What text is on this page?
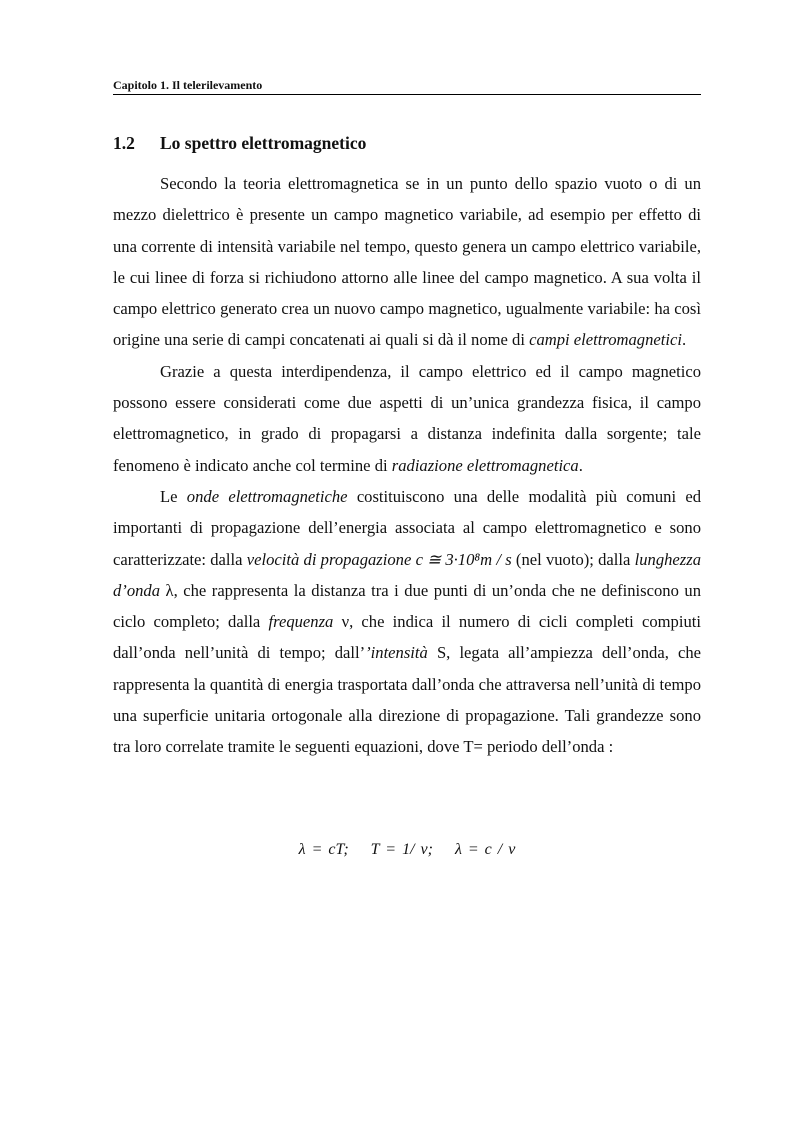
Capitolo 1. Il telerilevamento
1.2 Lo spettro elettromagnetico

Secondo la teoria elettromagnetica se in un punto dello spazio vuoto o di un mezzo dielettrico è presente un campo magnetico variabile, ad esempio per effetto di una corrente di intensità variabile nel tempo, questo genera un campo elettrico variabile, le cui linee di forza si richiudono attorno alle linee del campo magnetico. A sua volta il campo elettrico generato crea un nuovo campo magnetico, ugualmente variabile: ha così origine una serie di campi concatenati ai quali si dà il nome di campi elettromagnetici.

Grazie a questa interdipendenza, il campo elettrico ed il campo magnetico possono essere considerati come due aspetti di un’unica grandezza fisica, il campo elettromagnetico, in grado di propagarsi a distanza indefinita dalla sorgente; tale fenomeno è indicato anche col termine di radiazione elettromagnetica.

Le onde elettromagnetiche costituiscono una delle modalità più comuni ed importanti di propagazione dell’energia associata al campo elettromagnetico e sono caratterizzate: dalla velocità di propagazione c ≅ 3·10⁸m / s (nel vuoto); dalla lunghezza d’onda λ, che rappresenta la distanza tra i due punti di un’onda che ne definiscono un ciclo completo; dalla frequenza ν, che indica il numero di cicli completi compiuti dall’onda nell’unità di tempo; dall’’intensità S, legata all’ampiezza dell’onda, che rappresenta la quantità di energia trasportata dall’onda che attraversa nell’unità di tempo una superficie unitaria ortogonale alla direzione di propagazione. Tali grandezze sono tra loro correlate tramite le seguenti equazioni, dove T= periodo dell’onda :

λ = cT; T = 1/ ν; λ = c / ν
